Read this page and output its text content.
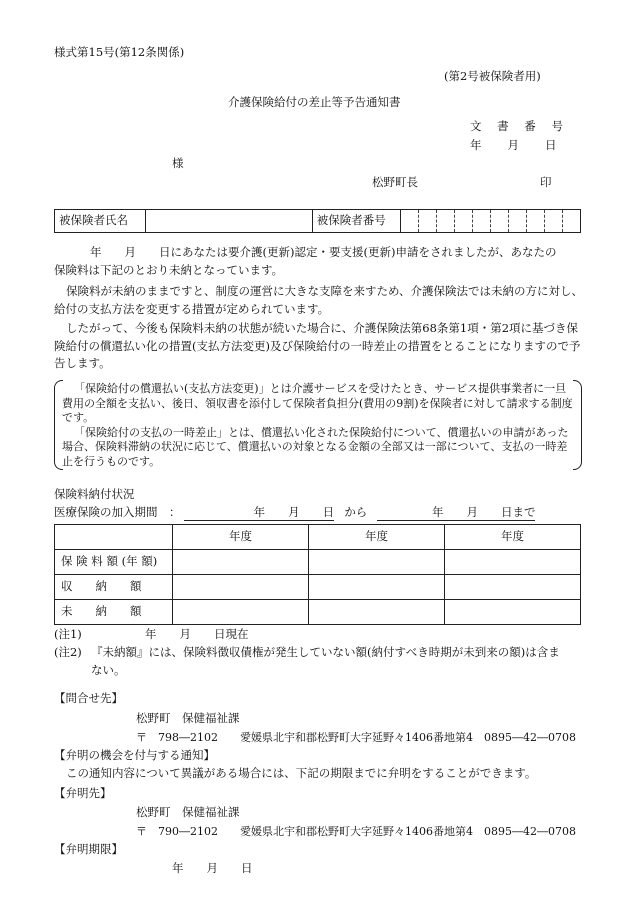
様式第15号(第12条関係)
(第2号被保険者用)
介護保険給付の差止等予告通知書
文 書 番 号
年 月 日
様
松野町長	印
被保険者氏名		被保険者番号										
年　　月　　日にあなたは要介護(更新)認定・要支援(更新)申請をされましたが、あなたの
保険料は下記のとおり未納となっています。
保険料が未納のままですと、制度の運営に大きな支障を来すため、介護保険法では未納の方に対し、給付の支払方法を変更する措置が定められています。
したがって、今後も保険料未納の状態が続いた場合に、介護保険法第68条第1項・第2項に基づき保険給付の償還払い化の措置(支払方法変更)及び保険給付の一時差止の措置をとることになりますので予告します。

「保険給付の償還払い(支払方法変更)」とは介護サービスを受けたとき、サービス提供事業者に一旦費用の全額を支払い、後日、領収書を添付して保険者負担分(費用の9割)を保険者に対して請求する制度です。

「保険給付の支払の一時差止」とは、償還払い化された保険給付について、償還払いの申請があった場合、保険料滞納の状況に応じて、償還払いの対象となる金額の全部又は一部について、支払の一時差止を行うものです。

保険料納付状況
医療保険の加入期間　：	年　　月　　日 から	年　　月　　日まで
	年度	年度	年度
保 険 料 額 (年 額)			
収　　納　　額			
未　　納　　額			
(注1)	年　　月　　日現在
(注2) 『未納額』には、保険料徴収債権が発生していない額(納付すべき時期が未到来の額)は含ま
ない。
【問合せ先】
松野町　保健福祉課
〒　798―2102　　愛媛県北宇和郡松野町大字延野々1406番地第4　0895―42―0708
【弁明の機会を付与する通知】
この通知内容について異議がある場合には、下記の期限までに弁明をすることができます。
【弁明先】
松野町　保健福祉課
〒　790―2102　　愛媛県北宇和郡松野町大字延野々1406番地第4　0895―42―0708
【弁明期限】
年　　月　　日
